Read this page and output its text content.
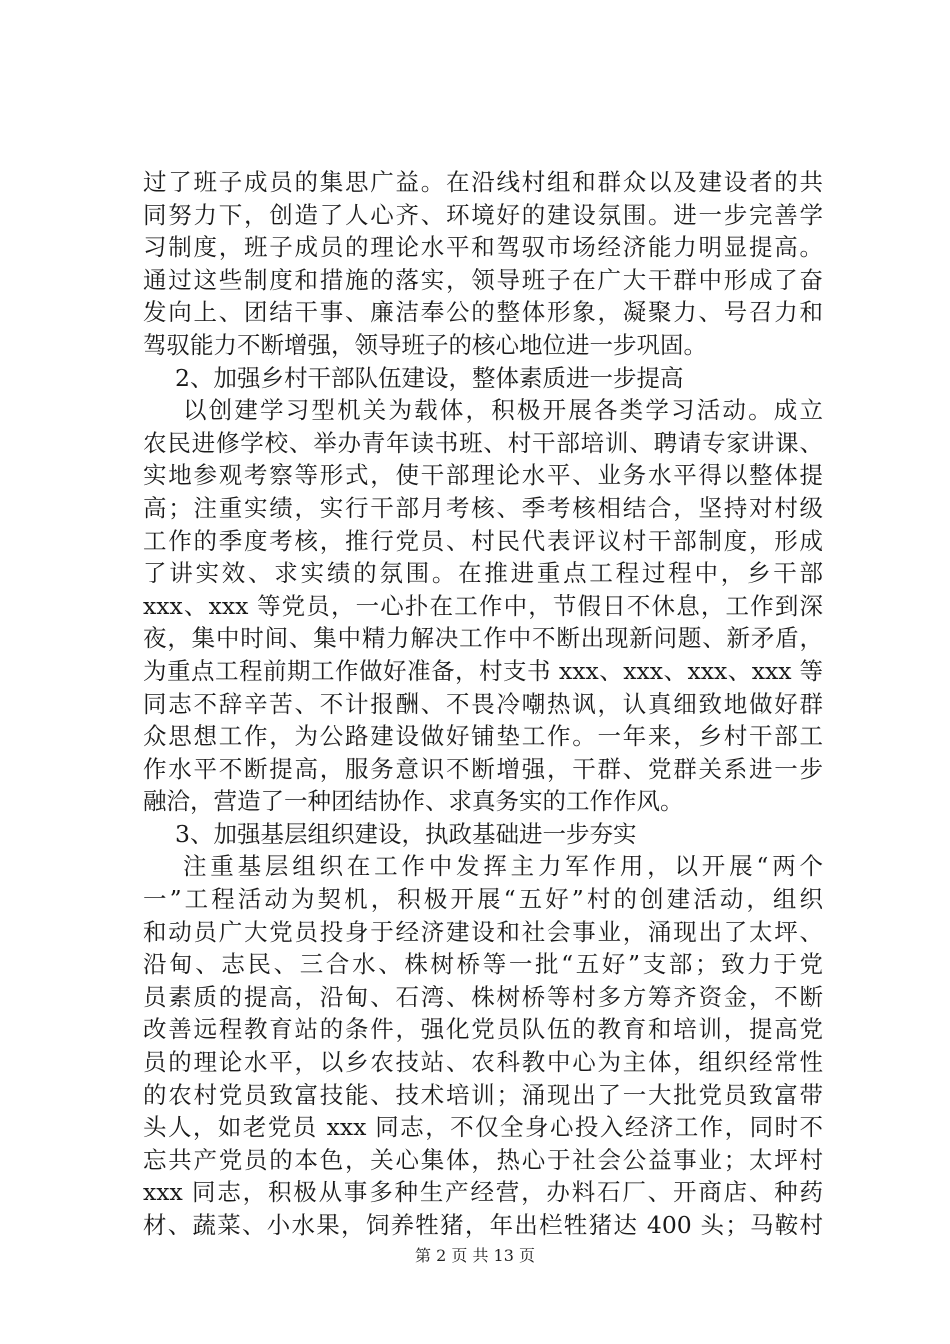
过了班子成员的集思广益。在沿线村组和群众以及建设者的共
同努力下，创造了人心齐、环境好的建设氛围。进一步完善学
习制度，班子成员的理论水平和驾驭市场经济能力明显提高。
通过这些制度和措施的落实，领导班子在广大干群中形成了奋
发向上、团结干事、廉洁奉公的整体形象，凝聚力、号召力和
驾驭能力不断增强，领导班子的核心地位进一步巩固。
2、加强乡村干部队伍建设，整体素质进一步提高
以创建学习型机关为载体，积极开展各类学习活动。成立
农民进修学校、举办青年读书班、村干部培训、聘请专家讲课、
实地参观考察等形式，使干部理论水平、业务水平得以整体提
高；注重实绩，实行干部月考核、季考核相结合，坚持对村级
工作的季度考核，推行党员、村民代表评议村干部制度，形成
了讲实效、求实绩的氛围。在推进重点工程过程中，乡干部
xxx、xxx 等党员，一心扑在工作中，节假日不休息，工作到深
夜，集中时间、集中精力解决工作中不断出现新问题、新矛盾，
为重点工程前期工作做好准备，村支书 xxx、xxx、xxx、xxx 等
同志不辞辛苦、不计报酬、不畏冷嘲热讽，认真细致地做好群
众思想工作，为公路建设做好铺垫工作。一年来，乡村干部工
作水平不断提高，服务意识不断增强，干群、党群关系进一步
融洽，营造了一种团结协作、求真务实的工作作风。
3、加强基层组织建设，执政基础进一步夯实
注重基层组织在工作中发挥主力军作用，以开展“两个
一”工程活动为契机，积极开展“五好”村的创建活动，组织
和动员广大党员投身于经济建设和社会事业，涌现出了太坪、
沿甸、志民、三合水、株树桥等一批“五好”支部；致力于党
员素质的提高，沿甸、石湾、株树桥等村多方筹齐资金，不断
改善远程教育站的条件，强化党员队伍的教育和培训，提高党
员的理论水平，以乡农技站、农科教中心为主体，组织经常性
的农村党员致富技能、技术培训；涌现出了一大批党员致富带
头人，如老党员 xxx 同志，不仅全身心投入经济工作，同时不
忘共产党员的本色，关心集体，热心于社会公益事业；太坪村
xxx 同志，积极从事多种生产经营，办料石厂、开商店、种药
材、蔬菜、小水果，饲养牲猪，年出栏牲猪达 400 头；马鞍村
第 2 页 共 13 页
